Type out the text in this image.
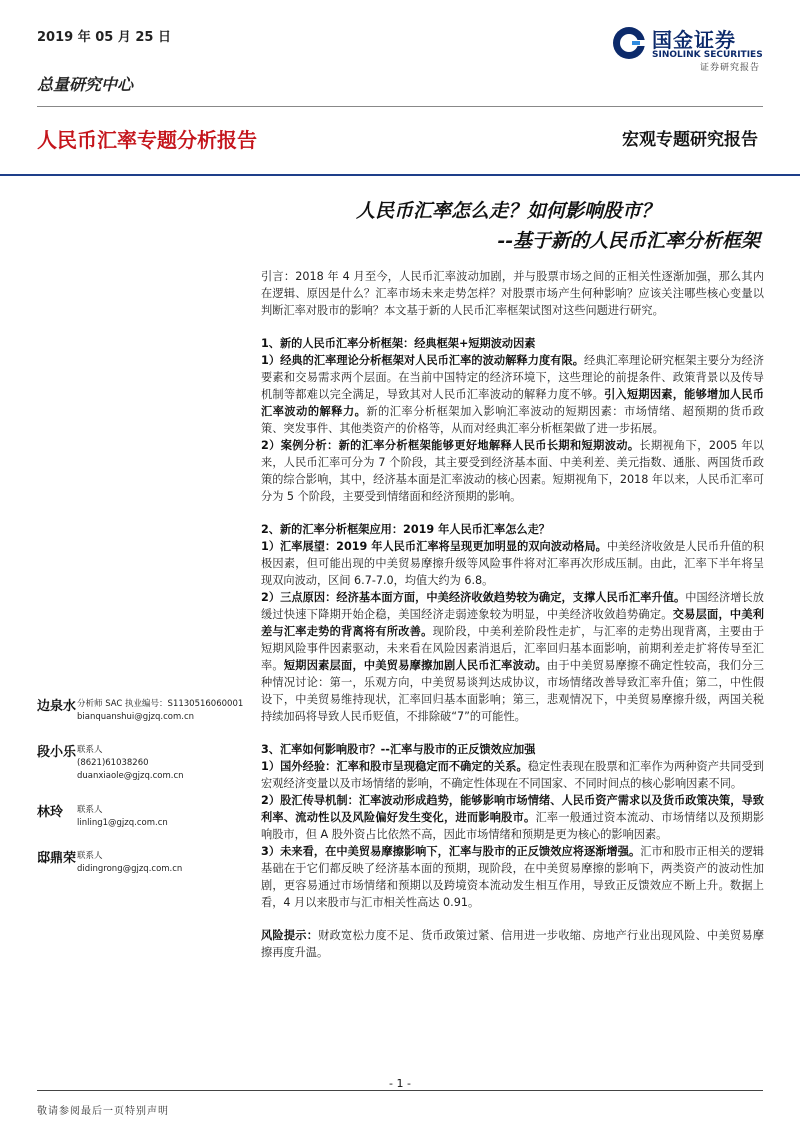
2019 年 05 月 25 日	国金证券
SINOLINK SECURITIES
证券研究报告
总量研究中心
人民币汇率专题分析报告	宏观专题研究报告
人民币汇率怎么走？如何影响股市？
--基于新的人民币汇率分析框架

引言：2018 年 4 月至今，人民币汇率波动加剧，并与股票市场之间的正相关性逐渐加强，那么其内在逻辑、原因是什么？汇率市场未来走势怎样？对股票市场产生何种影响？应该关注哪些核心变量以判断汇率对股市的影响？本文基于新的人民币汇率框架试图对这些问题进行研究。

1、新的人民币汇率分析框架：经典框架+短期波动因素
1）经典的汇率理论分析框架对人民币汇率的波动解释力度有限。经典汇率理论研究框架主要分为经济要素和交易需求两个层面。在当前中国特定的经济环境下，这些理论的前提条件、政策背景以及传导机制等都难以完全满足，导致其对人民币汇率波动的解释力度不够。引入短期因素，能够增加人民币汇率波动的解释力。新的汇率分析框架加入影响汇率波动的短期因素：市场情绪、超预期的货币政策、突发事件、其他类资产的价格等，从而对经典汇率分析框架做了进一步拓展。
2）案例分析：新的汇率分析框架能够更好地解释人民币长期和短期波动。长期视角下，2005 年以来，人民币汇率可分为 7 个阶段，其主要受到经济基本面、中美利差、美元指数、通胀、两国货币政策的综合影响，其中，经济基本面是汇率波动的核心因素。短期视角下，2018 年以来，人民币汇率可分为 5 个阶段，主要受到情绪面和经济预期的影响。
2、新的汇率分析框架应用：2019 年人民币汇率怎么走？
1）汇率展望：2019 年人民币汇率将呈现更加明显的双向波动格局。中美经济收敛是人民币升值的积极因素，但可能出现的中美贸易摩擦升级等风险事件将对汇率再次形成压制。由此，汇率下半年将呈现双向波动，区间 6.7-7.0，均值大约为 6.8。
2）三点原因：经济基本面方面，中美经济收敛趋势较为确定，支撑人民币汇率升值。中国经济增长放缓过快速下降期开始企稳，美国经济走弱迹象较为明显，中美经济收敛趋势确定。交易层面，中美利差与汇率走势的背离将有所改善。现阶段，中美利差阶段性走扩，与汇率的走势出现背离，主要由于短期风险事件因素驱动，未来看在风险因素消退后，汇率回归基本面影响，前期利差走扩将传导至汇率。短期因素层面，中美贸易摩擦加剧人民币汇率波动。由于中美贸易摩擦不确定性较高，我们分三种情况讨论：第一，乐观方向，中美贸易谈判达成协议，市场情绪改善导致汇率升值；第二，中性假设下，中美贸易维持现状，汇率回归基本面影响；第三，悲观情况下，中美贸易摩擦升级，两国关税持续加码将导致人民币贬值，不排除破“7”的可能性。
3、汇率如何影响股市？--汇率与股市的正反馈效应加强
1）国外经验：汇率和股市呈现稳定而不确定的关系。稳定性表现在股票和汇率作为两种资产共同受到宏观经济变量以及市场情绪的影响，不确定性体现在不同国家、不同时间点的核心影响因素不同。
2）股汇传导机制：汇率波动形成趋势，能够影响市场情绪、人民币资产需求以及货币政策决策，导致利率、流动性以及风险偏好发生变化，进而影响股市。汇率一般通过资本流动、市场情绪以及预期影响股市，但 A 股外资占比依然不高，因此市场情绪和预期是更为核心的影响因素。
3）未来看，在中美贸易摩擦影响下，汇率与股市的正反馈效应将逐渐增强。汇市和股市正相关的逻辑基础在于它们都反映了经济基本面的预期，现阶段，在中美贸易摩擦的影响下，两类资产的波动性加剧，更容易通过市场情绪和预期以及跨境资本流动发生相互作用，导致正反馈效应不断上升。数据上看，4 月以来股市与汇市相关性高达 0.91。
风险提示：财政宽松力度不足、货币政策过紧、信用进一步收缩、房地产行业出现风险、中美贸易摩擦再度升温。
边泉水 分析师 SAC 执业编号：S1130516060001
bianquanshui@gjzq.com.cn
段小乐 联系人
(8621)61038260
duanxiaole@gjzq.com.cn
林玲 联系人
linling1@gjzq.com.cn
邸鼎荣 联系人
didingrong@gjzq.com.cn
- 1 -
敬请参阅最后一页特别声明
